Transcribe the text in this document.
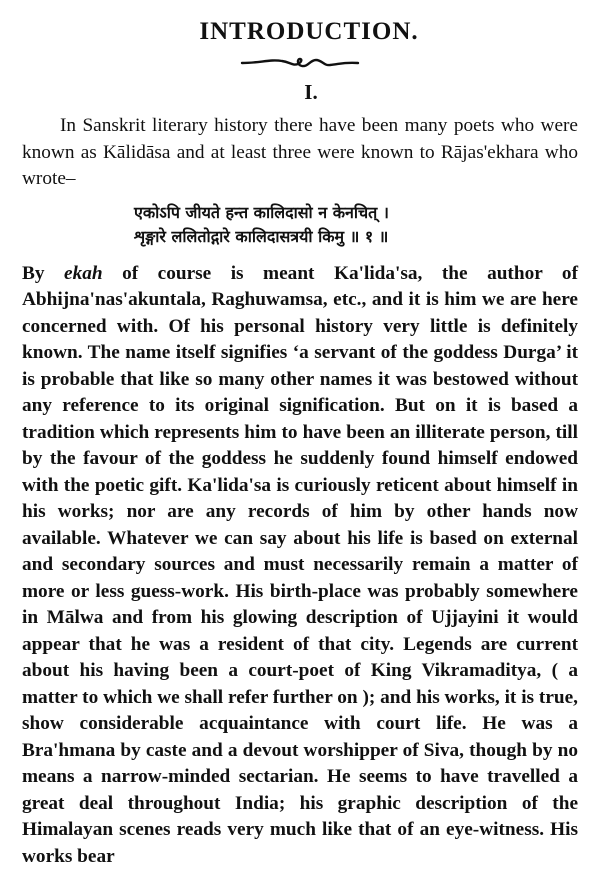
INTRODUCTION.
I.

In Sanskrit literary history there have been many poets who were known as Kālidāsa and at least three were known to Rājas'ekhara who wrote–

एकोऽपि जीयते हन्त कालिदासो न केनचित् ।
शृङ्गारे ललितोद्गारे कालिदासत्रयी किमु ॥ १ ॥

By ekah of course is meant Ka'lida'sa, the author of Abhijna'nas'akuntala, Raghuwamsa, etc., and it is him we are here concerned with. Of his personal history very little is definitely known. The name itself signifies ‘a servant of the goddess Durga’ it is probable that like so many other names it was bestowed without any reference to its original signification. But on it is based a tradition which represents him to have been an illiterate person, till by the favour of the goddess he suddenly found himself endowed with the poetic gift. Ka'lida'sa is curiously reticent about himself in his works; nor are any records of him by other hands now available. Whatever we can say about his life is based on external and secondary sources and must necessarily remain a matter of more or less guess-work. His birth-place was probably somewhere in Mālwa and from his glowing description of Ujjayini it would appear that he was a resident of that city. Legends are current about his having been a court-poet of King Vikramaditya, ( a matter to which we shall refer further on ); and his works, it is true, show considerable acquaintance with court life. He was a Bra'hmana by caste and a devout worshipper of Siva, though by no means a narrow-minded sectarian. He seems to have travelled a great deal throughout India; his graphic description of the Himalayan scenes reads very much like that of an eye-witness. His works bear
